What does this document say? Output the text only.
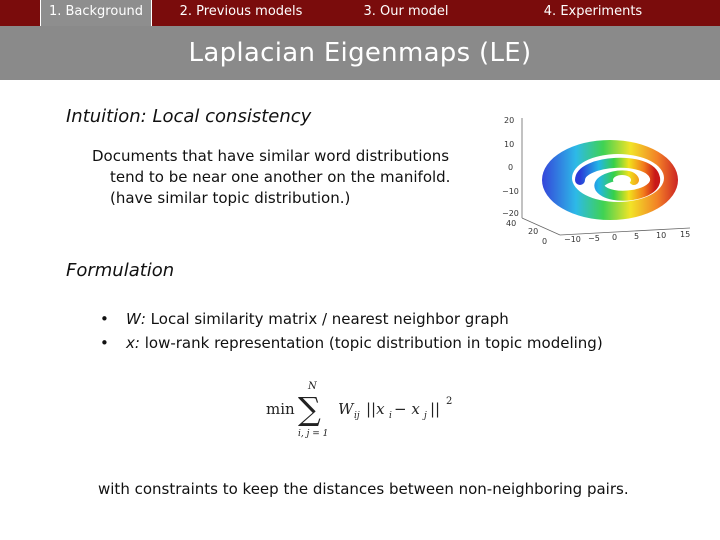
1. Background	2. Previous models	3. Our model	4. Experiments
Laplacian Eigenmaps (LE)
Intuition: Local consistency
Documents that have similar word distributions
tend to be near one another on the manifold.
(have similar topic distribution.)
20
10
0
−10
−20
40
20
0 −10 −5 0 5 10 15
Formulation
• W: Local similarity matrix / nearest neighbor graph
• x: low-rank representation (topic distribution in topic modeling)
min
N
∑
i, j = 1
W ij ||x i − x j || 2
with constraints to keep the distances between non-neighboring pairs.
